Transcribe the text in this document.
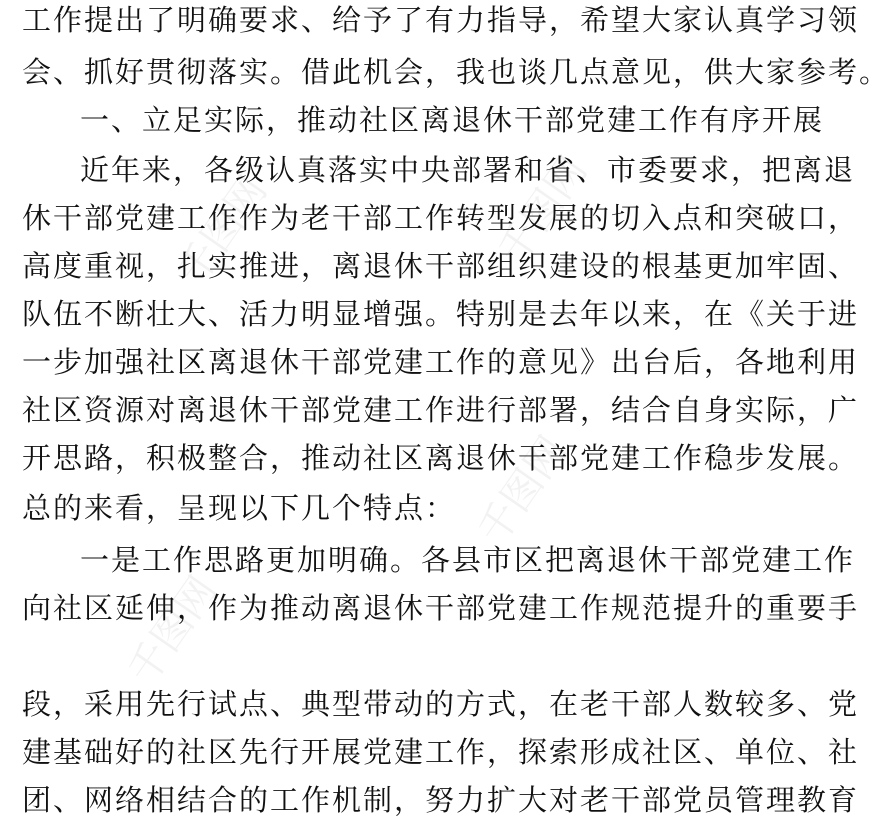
千图网	千图网
千图网
千图网
工作提出了明确要求、给予了有力指导，希望大家认真学习领
会、抓好贯彻落实。借此机会，我也谈几点意见，供大家参考。
一、立足实际，推动社区离退休干部党建工作有序开展
近年来，各级认真落实中央部署和省、市委要求，把离退
休干部党建工作作为老干部工作转型发展的切入点和突破口，
高度重视，扎实推进，离退休干部组织建设的根基更加牢固、
队伍不断壮大、活力明显增强。特别是去年以来，在《关于进
一步加强社区离退休干部党建工作的意见》出台后，各地利用
社区资源对离退休干部党建工作进行部署，结合自身实际，广
开思路，积极整合，推动社区离退休干部党建工作稳步发展。
总的来看，呈现以下几个特点：
一是工作思路更加明确。各县市区把离退休干部党建工作
向社区延伸，作为推动离退休干部党建工作规范提升的重要手
段，采用先行试点、典型带动的方式，在老干部人数较多、党
建基础好的社区先行开展党建工作，探索形成社区、单位、社
团、网络相结合的工作机制，努力扩大对老干部党员管理教育
